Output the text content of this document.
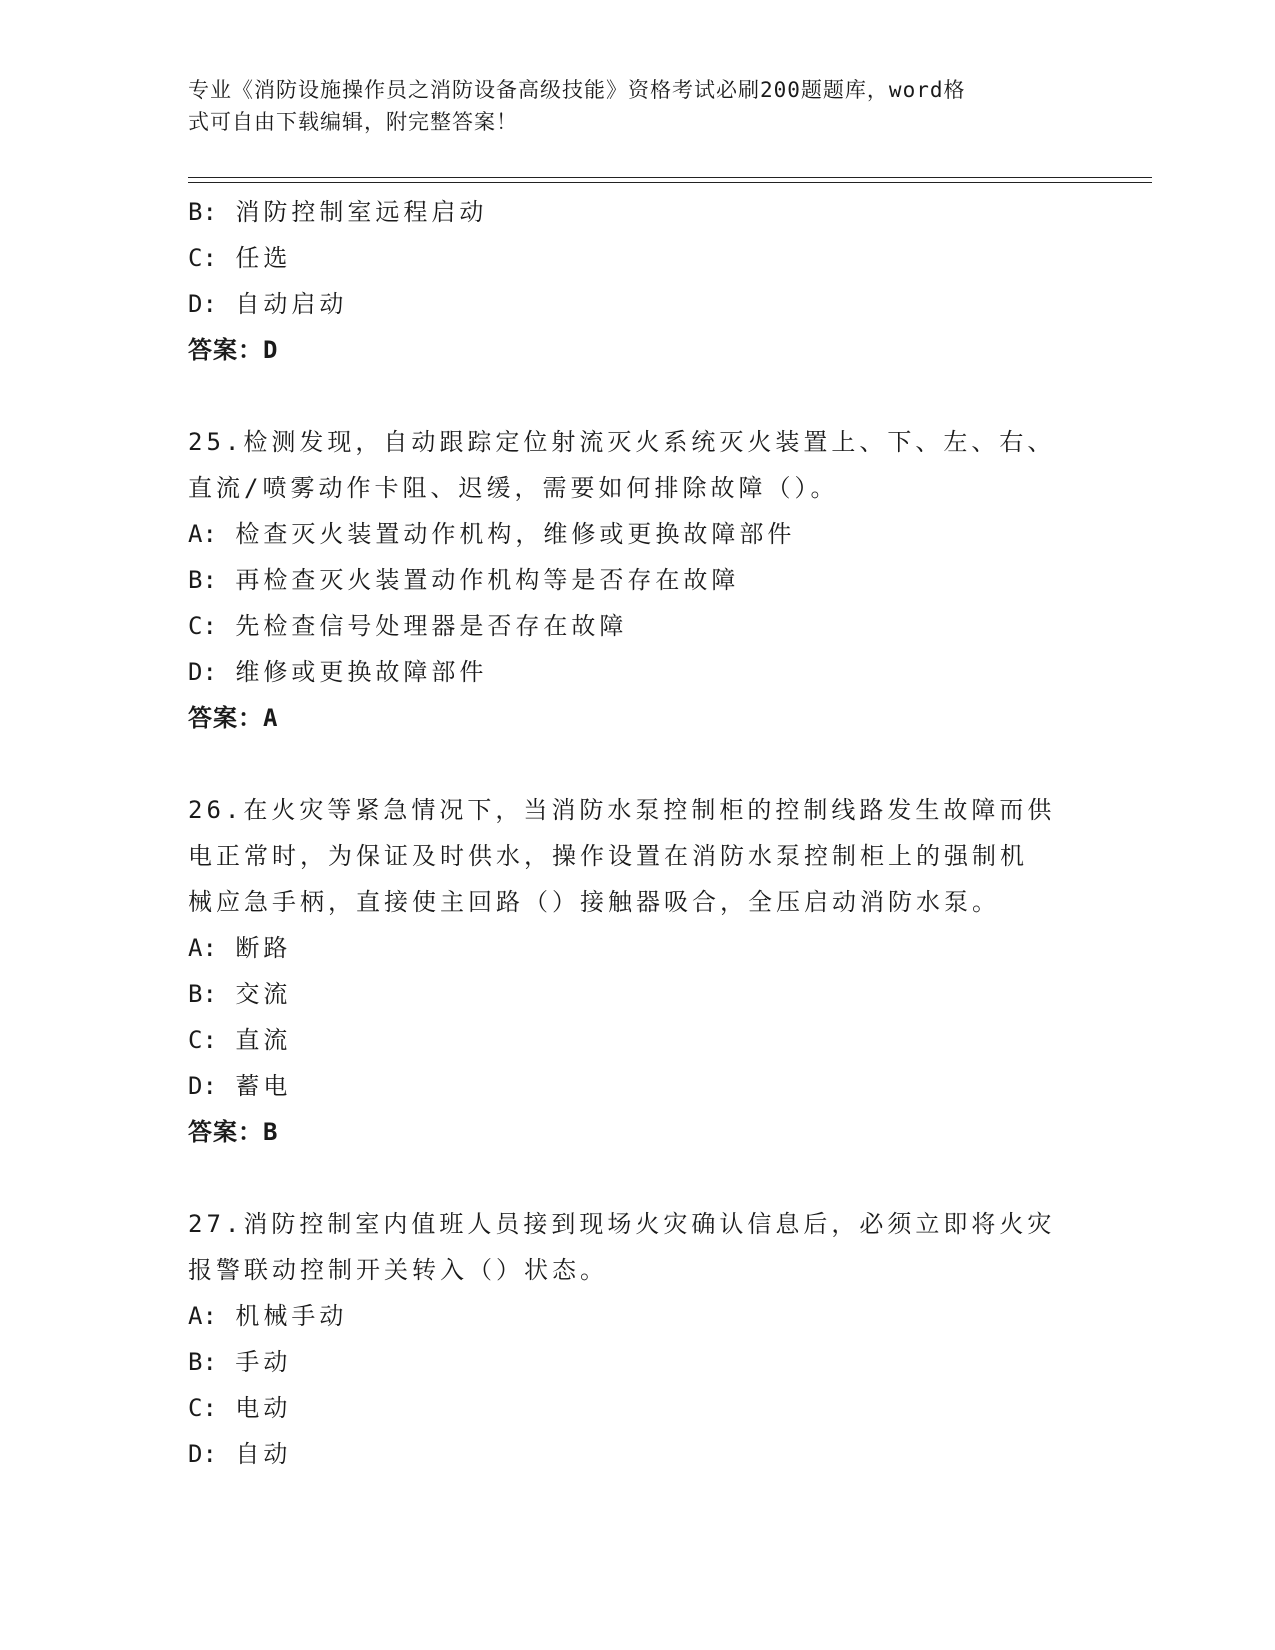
专业《消防设施操作员之消防设备高级技能》资格考试必刷200题题库，word格
式可自由下载编辑，附完整答案！
B: 消防控制室远程启动
C: 任选
D: 自动启动
答案：D
25.检测发现，自动跟踪定位射流灭火系统灭火装置上、下、左、右、
直流/喷雾动作卡阻、迟缓，需要如何排除故障（）。
A: 检查灭火装置动作机构，维修或更换故障部件
B: 再检查灭火装置动作机构等是否存在故障
C: 先检查信号处理器是否存在故障
D: 维修或更换故障部件
答案：A
26.在火灾等紧急情况下，当消防水泵控制柜的控制线路发生故障而供
电正常时，为保证及时供水，操作设置在消防水泵控制柜上的强制机
械应急手柄，直接使主回路（）接触器吸合，全压启动消防水泵。
A: 断路
B: 交流
C: 直流
D: 蓄电
答案：B
27.消防控制室内值班人员接到现场火灾确认信息后，必须立即将火灾
报警联动控制开关转入（）状态。
A: 机械手动
B: 手动
C: 电动
D: 自动
